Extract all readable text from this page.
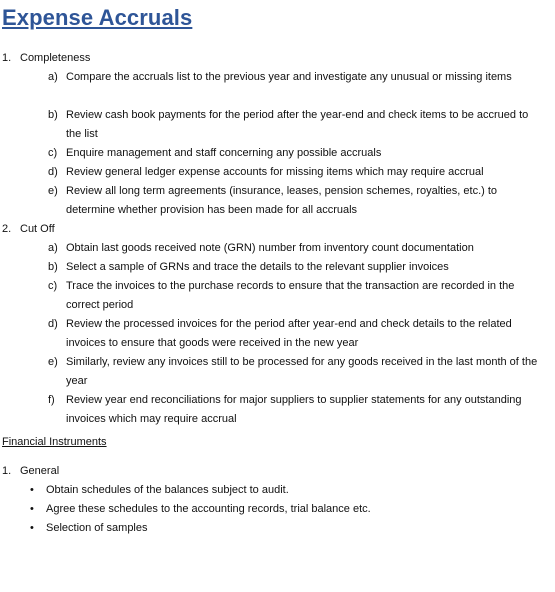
Expense Accruals
1. Completeness
a) Compare the accruals list to the previous year and investigate any unusual or missing items
b) Review cash book payments for the period after the year-end and check items to be accrued to the list
c) Enquire management and staff concerning any possible accruals
d) Review general ledger expense accounts for missing items which may require accrual
e) Review all long term agreements (insurance, leases, pension schemes, royalties, etc.) to determine whether provision has been made for all accruals
2. Cut Off
a) Obtain last goods received note (GRN) number from inventory count documentation
b) Select a sample of GRNs and trace the details to the relevant supplier invoices
c) Trace the invoices to the purchase records to ensure that the transaction are recorded in the correct period
d) Review the processed invoices for the period after year-end and check details to the related invoices to ensure that goods were received in the new year
e) Similarly, review any invoices still to be processed for any goods received in the last month of the year
f) Review year end reconciliations for major suppliers to supplier statements for any outstanding invoices which may require accrual
Financial Instruments
1. General
• Obtain schedules of the balances subject to audit.
• Agree these schedules to the accounting records, trial balance etc.
• Selection of samples
